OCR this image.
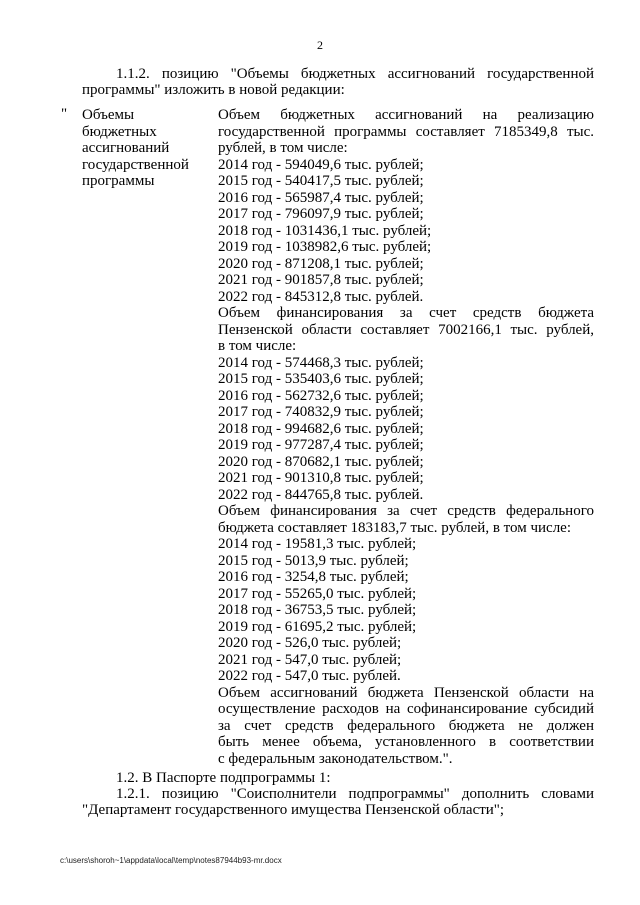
2
1.1.2. позицию "Объемы бюджетных ассигнований государственной
программы" изложить в новой редакции:
" Объемы
бюджетных
ассигнований
государственной
программы
Объем бюджетных ассигнований на реализацию
государственной программы составляет 7185349,8 тыс.
рублей, в том числе:
2014 год - 594049,6 тыс. рублей;
2015 год - 540417,5 тыс. рублей;
2016 год - 565987,4 тыс. рублей;
2017 год - 796097,9 тыс. рублей;
2018 год - 1031436,1 тыс. рублей;
2019 год - 1038982,6 тыс. рублей;
2020 год - 871208,1 тыс. рублей;
2021 год - 901857,8 тыс. рублей;
2022 год - 845312,8 тыс. рублей.
Объем финансирования за счет средств бюджета
Пензенской области составляет 7002166,1 тыс. рублей,
в том числе:
2014 год - 574468,3 тыс. рублей;
2015 год - 535403,6 тыс. рублей;
2016 год - 562732,6 тыс. рублей;
2017 год - 740832,9 тыс. рублей;
2018 год - 994682,6 тыс. рублей;
2019 год - 977287,4 тыс. рублей;
2020 год - 870682,1 тыс. рублей;
2021 год - 901310,8 тыс. рублей;
2022 год - 844765,8 тыс. рублей.
Объем финансирования за счет средств федерального
бюджета составляет 183183,7 тыс. рублей, в том числе:
2014 год - 19581,3 тыс. рублей;
2015 год - 5013,9 тыс. рублей;
2016 год - 3254,8 тыс. рублей;
2017 год - 55265,0 тыс. рублей;
2018 год - 36753,5 тыс. рублей;
2019 год - 61695,2 тыс. рублей;
2020 год - 526,0 тыс. рублей;
2021 год - 547,0 тыс. рублей;
2022 год - 547,0 тыс. рублей.
Объем ассигнований бюджета Пензенской области на
осуществление расходов на софинансирование субсидий
за счет средств федерального бюджета не должен
быть менее объема, установленного в соответствии
с федеральным законодательством.".
1.2. В Паспорте подпрограммы 1:
1.2.1. позицию "Соисполнители подпрограммы" дополнить словами
"Департамент государственного имущества Пензенской области";
c:\users\shoroh~1\appdata\local\temp\notes87944b93-mr.docx
